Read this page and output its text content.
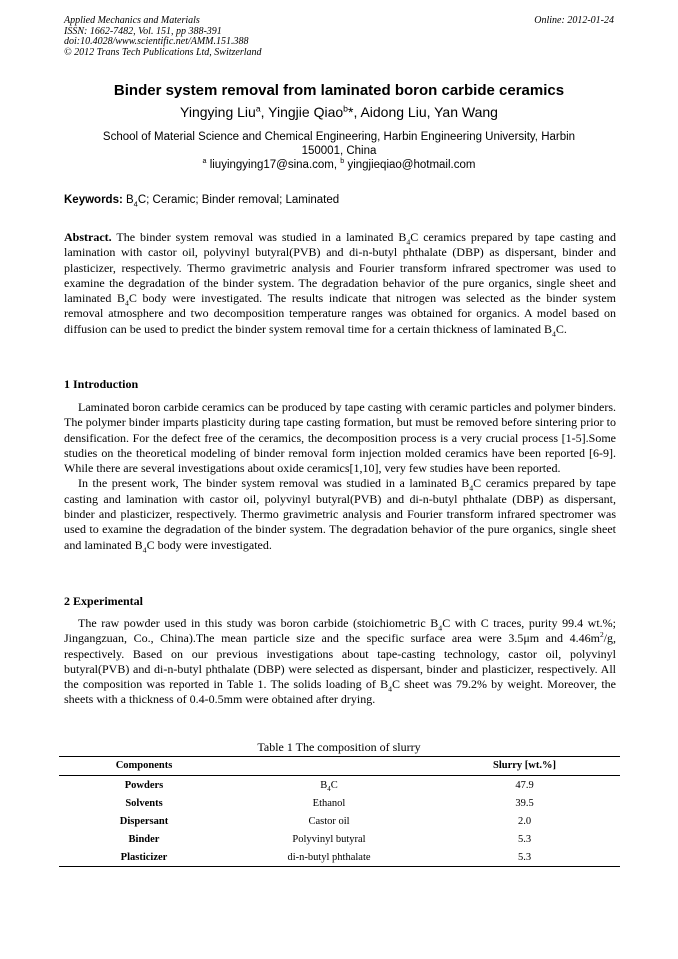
Applied Mechanics and Materials
ISSN: 1662-7482, Vol. 151, pp 388-391
doi:10.4028/www.scientific.net/AMM.151.388
© 2012 Trans Tech Publications Ltd, Switzerland
Online: 2012-01-24
Binder system removal from laminated boron carbide ceramics
Yingying Liu$^a$, Yingjie Qiao$^b$*, Aidong Liu, Yan Wang
School of Material Science and Chemical Engineering, Harbin Engineering University, Harbin
150001, China
$^a$ liuyingying17@sina.com, $^b$ yingjieqiao@hotmail.com
Keywords: $B_4C$; Ceramic; Binder removal; Laminated
Abstract. The binder system removal was studied in a laminated $B_4C$ ceramics prepared by tape casting and lamination with castor oil, polyvinyl butyral(PVB) and di-n-butyl phthalate (DBP) as dispersant, binder and plasticizer, respectively. Thermo gravimetric analysis and Fourier transform infrared spectromer was used to examine the degradation of the binder system. The degradation behavior of the pure organics, single sheet and laminated $B_4C$ body were investigated. The results indicate that nitrogen was selected as the binder system removal atmosphere and two decomposition temperature ranges was obtained for organics. A model based on diffusion can be used to predict the binder system removal time for a certain thickness of laminated $B_4C$.
1 Introduction

Laminated boron carbide ceramics can be produced by tape casting with ceramic particles and polymer binders. The polymer binder imparts plasticity during tape casting formation, but must be removed before sintering prior to densification. For the defect free of the ceramics, the decomposition process is a very crucial process [1-5].Some studies on the theoretical modeling of binder removal form injection molded ceramics have been reported [6-9]. While there are several investigations about oxide ceramics[1,10], very few studies have been reported.

In the present work, The binder system removal was studied in a laminated $B_4C$ ceramics prepared by tape casting and lamination with castor oil, polyvinyl butyral(PVB) and di-n-butyl phthalate (DBP) as dispersant, binder and plasticizer, respectively. Thermo gravimetric analysis and Fourier transform infrared spectromer was used to examine the degradation of the binder system. The degradation behavior of the pure organics, single sheet and laminated $B_4C$ body were investigated.

2 Experimental

The raw powder used in this study was boron carbide (stoichiometric $B_4C$ with C traces, purity 99.4 wt.%; Jingangzuan, Co., China).The mean particle size and the specific surface area were 3.5μm and $4.46m^2/g$, respectively. Based on our previous investigations about tape-casting technology, castor oil, polyvinyl butyral(PVB) and di-n-butyl phthalate (DBP) were selected as dispersant, binder and plasticizer, respectively. All the composition was reported in Table 1. The solids loading of $B_4C$ sheet was 79.2% by weight. Moreover, the sheets with a thickness of 0.4-0.5mm were obtained after drying.

Table 1 The composition of slurry
Components		Slurry [wt.%]
Powders	$B_4C$	47.9
Solvents	Ethanol	39.5
Dispersant	Castor oil	2.0
Binder	Polyvinyl butyral	5.3
Plasticizer	di-n-butyl phthalate	5.3
